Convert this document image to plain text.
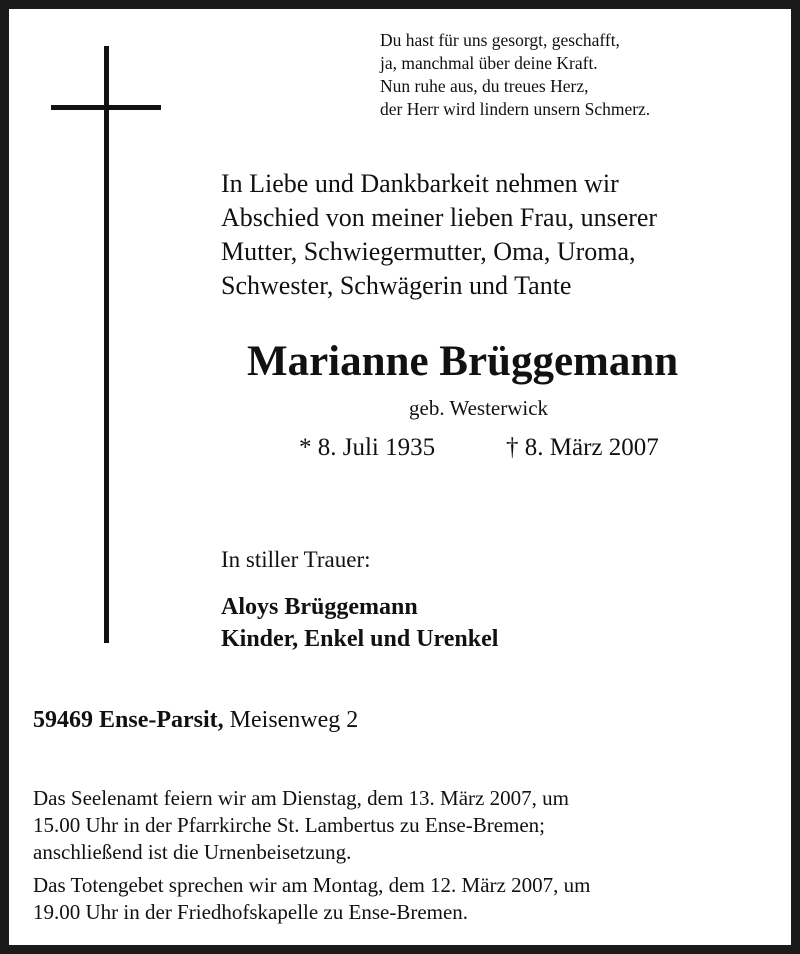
Du hast für uns gesorgt, geschafft,
ja, manchmal über deine Kraft.
Nun ruhe aus, du treues Herz,
der Herr wird lindern unsern Schmerz.
In Liebe und Dankbarkeit nehmen wir
Abschied von meiner lieben Frau, unserer
Mutter, Schwiegermutter, Oma, Uroma,
Schwester, Schwägerin und Tante
Marianne Brüggemann
geb. Westerwick
* 8. Juli 1935	† 8. März 2007
In stiller Trauer:
Aloys Brüggemann
Kinder, Enkel und Urenkel
59469 Ense-Parsit, Meisenweg 2

Das Seelenamt feiern wir am Dienstag, dem 13. März 2007, um
15.00 Uhr in der Pfarrkirche St. Lambertus zu Ense-Bremen;
anschließend ist die Urnenbeisetzung.

Das Totengebet sprechen wir am Montag, dem 12. März 2007, um
19.00 Uhr in der Friedhofskapelle zu Ense-Bremen.
